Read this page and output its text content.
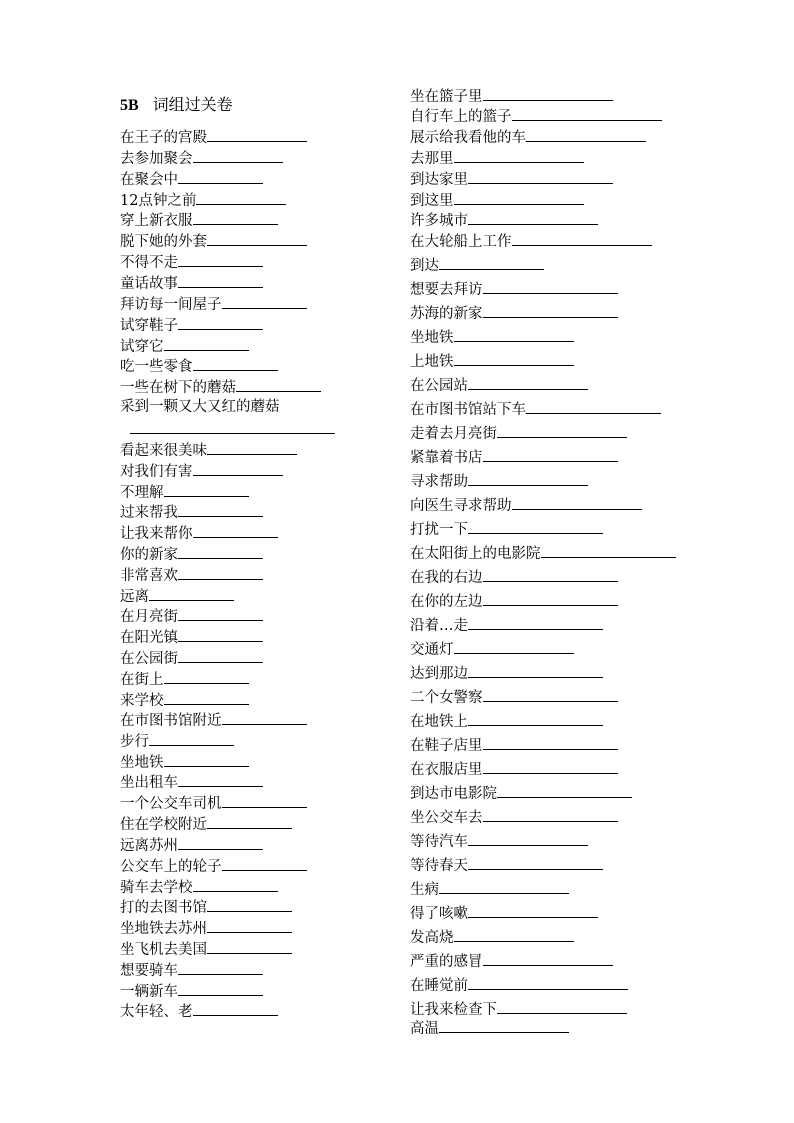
5B 词组过关卷
在王子的宫殿
去参加聚会
在聚会中
12点钟之前
穿上新衣服
脱下她的外套
不得不走
童话故事
拜访每一间屋子
试穿鞋子
试穿它
吃一些零食
一些在树下的蘑菇
采到一颗又大又红的蘑菇
看起来很美味
对我们有害
不理解
过来帮我
让我来帮你
你的新家
非常喜欢
远离
在月亮街
在阳光镇
在公园街
在街上
来学校
在市图书馆附近
步行
坐地铁
坐出租车
一个公交车司机
住在学校附近
远离苏州
公交车上的轮子
骑车去学校
打的去图书馆
坐地铁去苏州
坐飞机去美国
想要骑车
一辆新车
太年轻、老
坐在篮子里
自行车上的篮子
展示给我看他的车
去那里
到达家里
到这里
许多城市
在大轮船上工作
到达
想要去拜访
苏海的新家
坐地铁
上地铁
在公园站
在市图书馆站下车
走着去月亮街
紧靠着书店
寻求帮助
向医生寻求帮助
打扰一下
在太阳街上的电影院
在我的右边
在你的左边
沿着…走
交通灯
达到那边
二个女警察
在地铁上
在鞋子店里
在衣服店里
到达市电影院
坐公交车去
等待汽车
等待春天
生病
得了咳嗽
发高烧
严重的感冒
在睡觉前
让我来检查下
高温
